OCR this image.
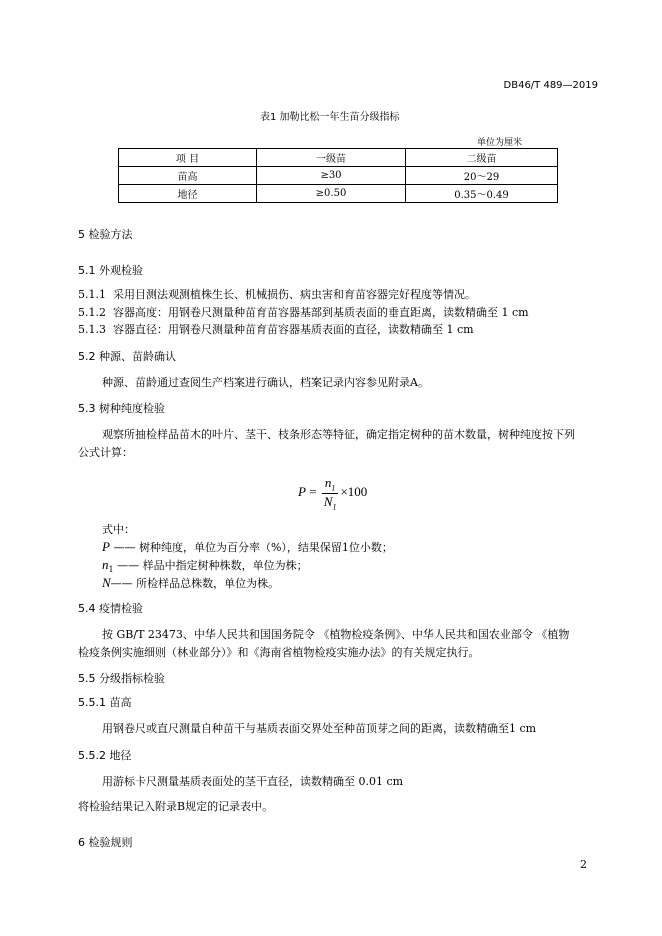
DB46/T 489—2019
表1 加勒比松一年生苗分级指标
单位为厘米
项 目	一级苗	二级苗
苗高	≥30	20～29
地径	≥0.50	0.35～0.49
5 检验方法
5.1 外观检验
5.1.1 采用目测法观测植株生长、机械损伤、病虫害和育苗容器完好程度等情况。
5.1.2 容器高度：用钢卷尺测量种苗育苗容器基部到基质表面的垂直距离，读数精确至 1 cm
5.1.3 容器直径：用钢卷尺测量种苗育苗容器基质表面的直径，读数精确至 1 cm
5.2 种源、苗龄确认
种源、苗龄通过查阅生产档案进行确认，档案记录内容参见附录A。
5.3 树种纯度检验
观察所抽检样品苗木的叶片、茎干、枝条形态等特征，确定指定树种的苗木数量，树种纯度按下列
公式计算：
$P = \frac{n_1}{N_1} \times 100$
式中：
P —— 树种纯度，单位为百分率（%），结果保留1位小数；
$n_1$ —— 样品中指定树种株数，单位为株；
N—— 所检样品总株数，单位为株。
5.4 疫情检验
按 GB/T 23473、中华人民共和国国务院令 《植物检疫条例》、中华人民共和国农业部令 《植物
检疫条例实施细则（林业部分）》和《海南省植物检疫实施办法》的有关规定执行。
5.5 分级指标检验
5.5.1 苗高
用钢卷尺或直尺测量自种苗干与基质表面交界处至种苗顶芽之间的距离，读数精确至1 cm
5.5.2 地径
用游标卡尺测量基质表面处的茎干直径，读数精确至 0.01 cm
将检验结果记入附录B规定的记录表中。
6 检验规则
2
